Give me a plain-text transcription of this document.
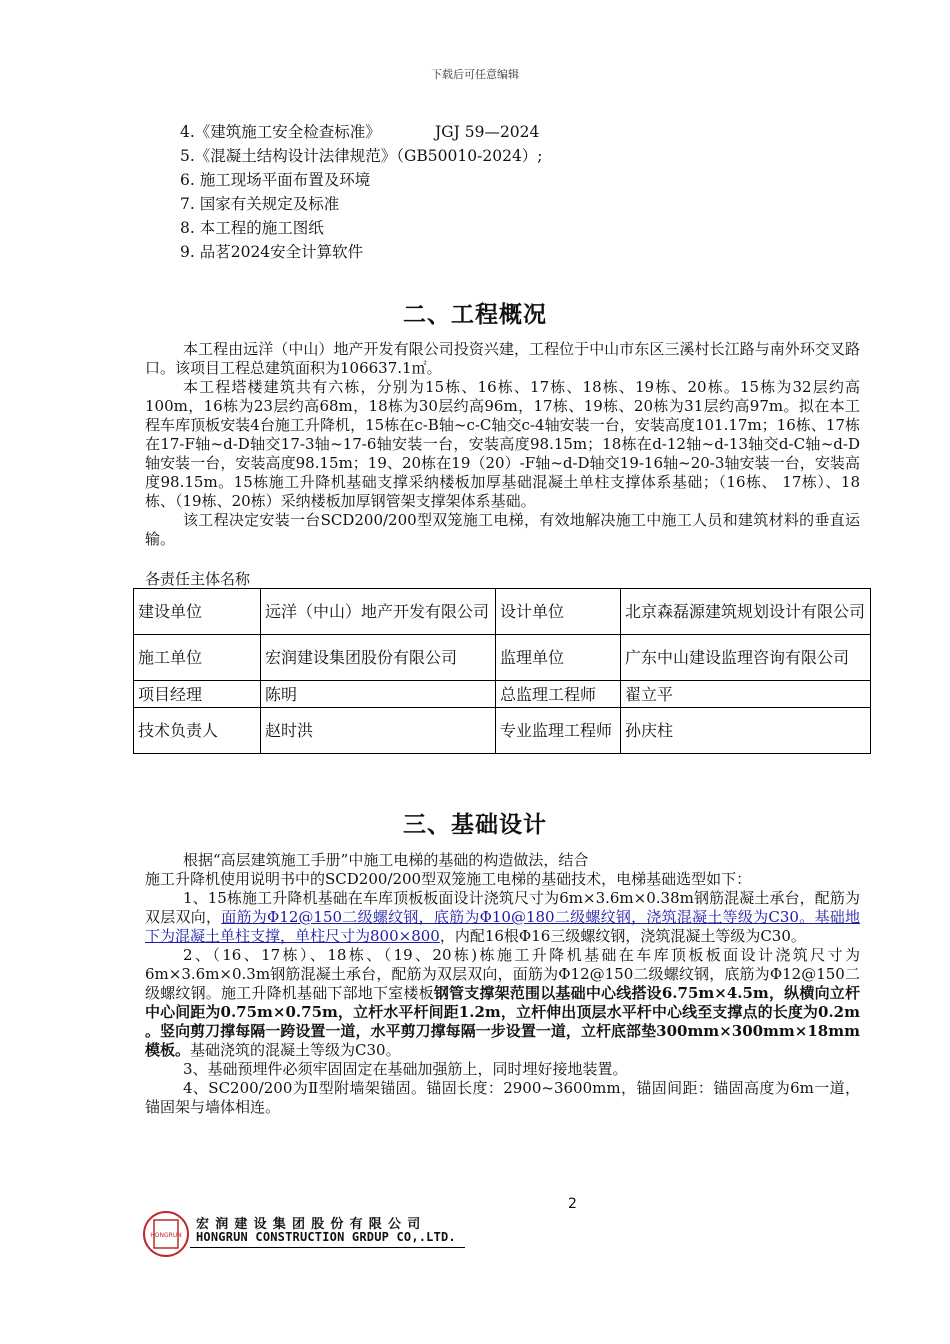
下载后可任意编辑
4.《建筑施工安全检查标准》           JGJ 59—2024
5.《混凝土结构设计法律规范》（GB50010-2024）;
6. 施工现场平面布置及环境
7. 国家有关规定及标准
8. 本工程的施工图纸
9. 品茗2024安全计算软件
二、工程概况

本工程由远洋（中山）地产开发有限公司投资兴建，工程位于中山市东区三溪村长江路与南外环交叉路口。该项目工程总建筑面积为106637.1㎡。

本工程塔楼建筑共有六栋，分别为15栋、16栋、17栋、18栋、19栋、20栋。15栋为32层约高100m，16栋为23层约高68m，18栋为30层约高96m，17栋、19栋、20栋为31层约高97m。拟在本工程车库顶板安装4台施工升降机，15栋在c-B轴~c-C轴交c-4轴安装一台，安装高度101.17m；16栋、17栋在17-F轴~d-D轴交17-3轴~17-6轴安装一台，安装高度98.15m；18栋在d-12轴~d-13轴交d-C轴~d-D轴安装一台，安装高度98.15m；19、20栋在19（20）-F轴~d-D轴交19-16轴~20-3轴安装一台，安装高度98.15m。15栋施工升降机基础支撑采纳楼板加厚基础混凝土单柱支撑体系基础；（16栋、 17栋）、18栋、（19栋、20栋）采纳楼板加厚钢管架支撑架体系基础。

该工程决定安装一台SCD200/200型双笼施工电梯，有效地解决施工中施工人员和建筑材料的垂直运输。

各责任主体名称
建设单位	远洋（中山）地产开发有限公司	设计单位	北京森磊源建筑规划设计有限公司
施工单位	宏润建设集团股份有限公司	监理单位	广东中山建设监理咨询有限公司
项目经理	陈明	总监理工程师	翟立平
技术负责人	赵时洪	专业监理工程师	孙庆柱
三、基础设计

根据“高层建筑施工手册”中施工电梯的基础的构造做法，结合

施工升降机使用说明书中的SCD200/200型双笼施工电梯的基础技术，电梯基础选型如下：

1、15栋施工升降机基础在车库顶板板面设计浇筑尺寸为6m×3.6m×0.38m钢筋混凝土承台，配筋为双层双向，面筋为Φ12@150二级螺纹钢，底筋为Φ10@180二级螺纹钢，浇筑混凝土等级为C30。基础地下为混凝土单柱支撑，单柱尺寸为800×800，内配16根Φ16三级螺纹钢，浇筑混凝土等级为C30。

2、（16、17栋）、18栋、（19、20栋)栋施工升降机基础在车库顶板板面设计浇筑尺寸为6m×3.6m×0.3m钢筋混凝土承台，配筋为双层双向，面筋为Φ12@150二级螺纹钢，底筋为Φ12@150二级螺纹钢。施工升降机基础下部地下室楼板钢管支撑架范围以基础中心线搭设6.75m×4.5m，纵横向立杆中心间距为0.75m×0.75m，立杆水平杆间距1.2m，立杆伸出顶层水平杆中心线至支撑点的长度为0.2m 。竖向剪刀撑每隔一跨设置一道，水平剪刀撑每隔一步设置一道，立杆底部垫300mm×300mm×18mm模板。基础浇筑的混凝土等级为C30。

3、基础预埋件必须牢固固定在基础加强筋上，同时埋好接地装置。

4、SC200/200为Ⅱ型附墙架锚固。锚固长度：2900~3600mm，锚固间距：锚固高度为6m一道，锚固架与墙体相连。

2
HONGRUN
宏润建设集团股份有限公司
HONGRUN CONSTRUCTION GRDUP CO,.LTD.
